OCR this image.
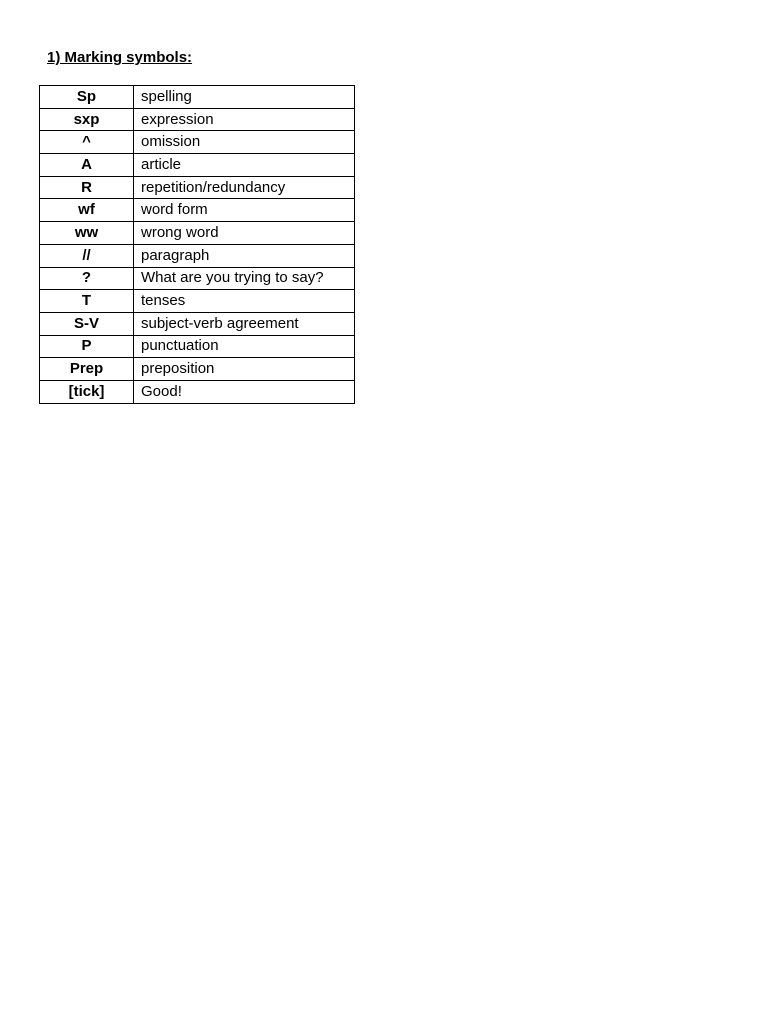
1) Marking symbols:
Sp	spelling
sxp	expression
^	omission
A	article
R	repetition/redundancy
wf	word form
ww	wrong word
//	paragraph
?	What are you trying to say?
T	tenses
S-V	subject-verb agreement
P	punctuation
Prep	preposition
[tick]	Good!
